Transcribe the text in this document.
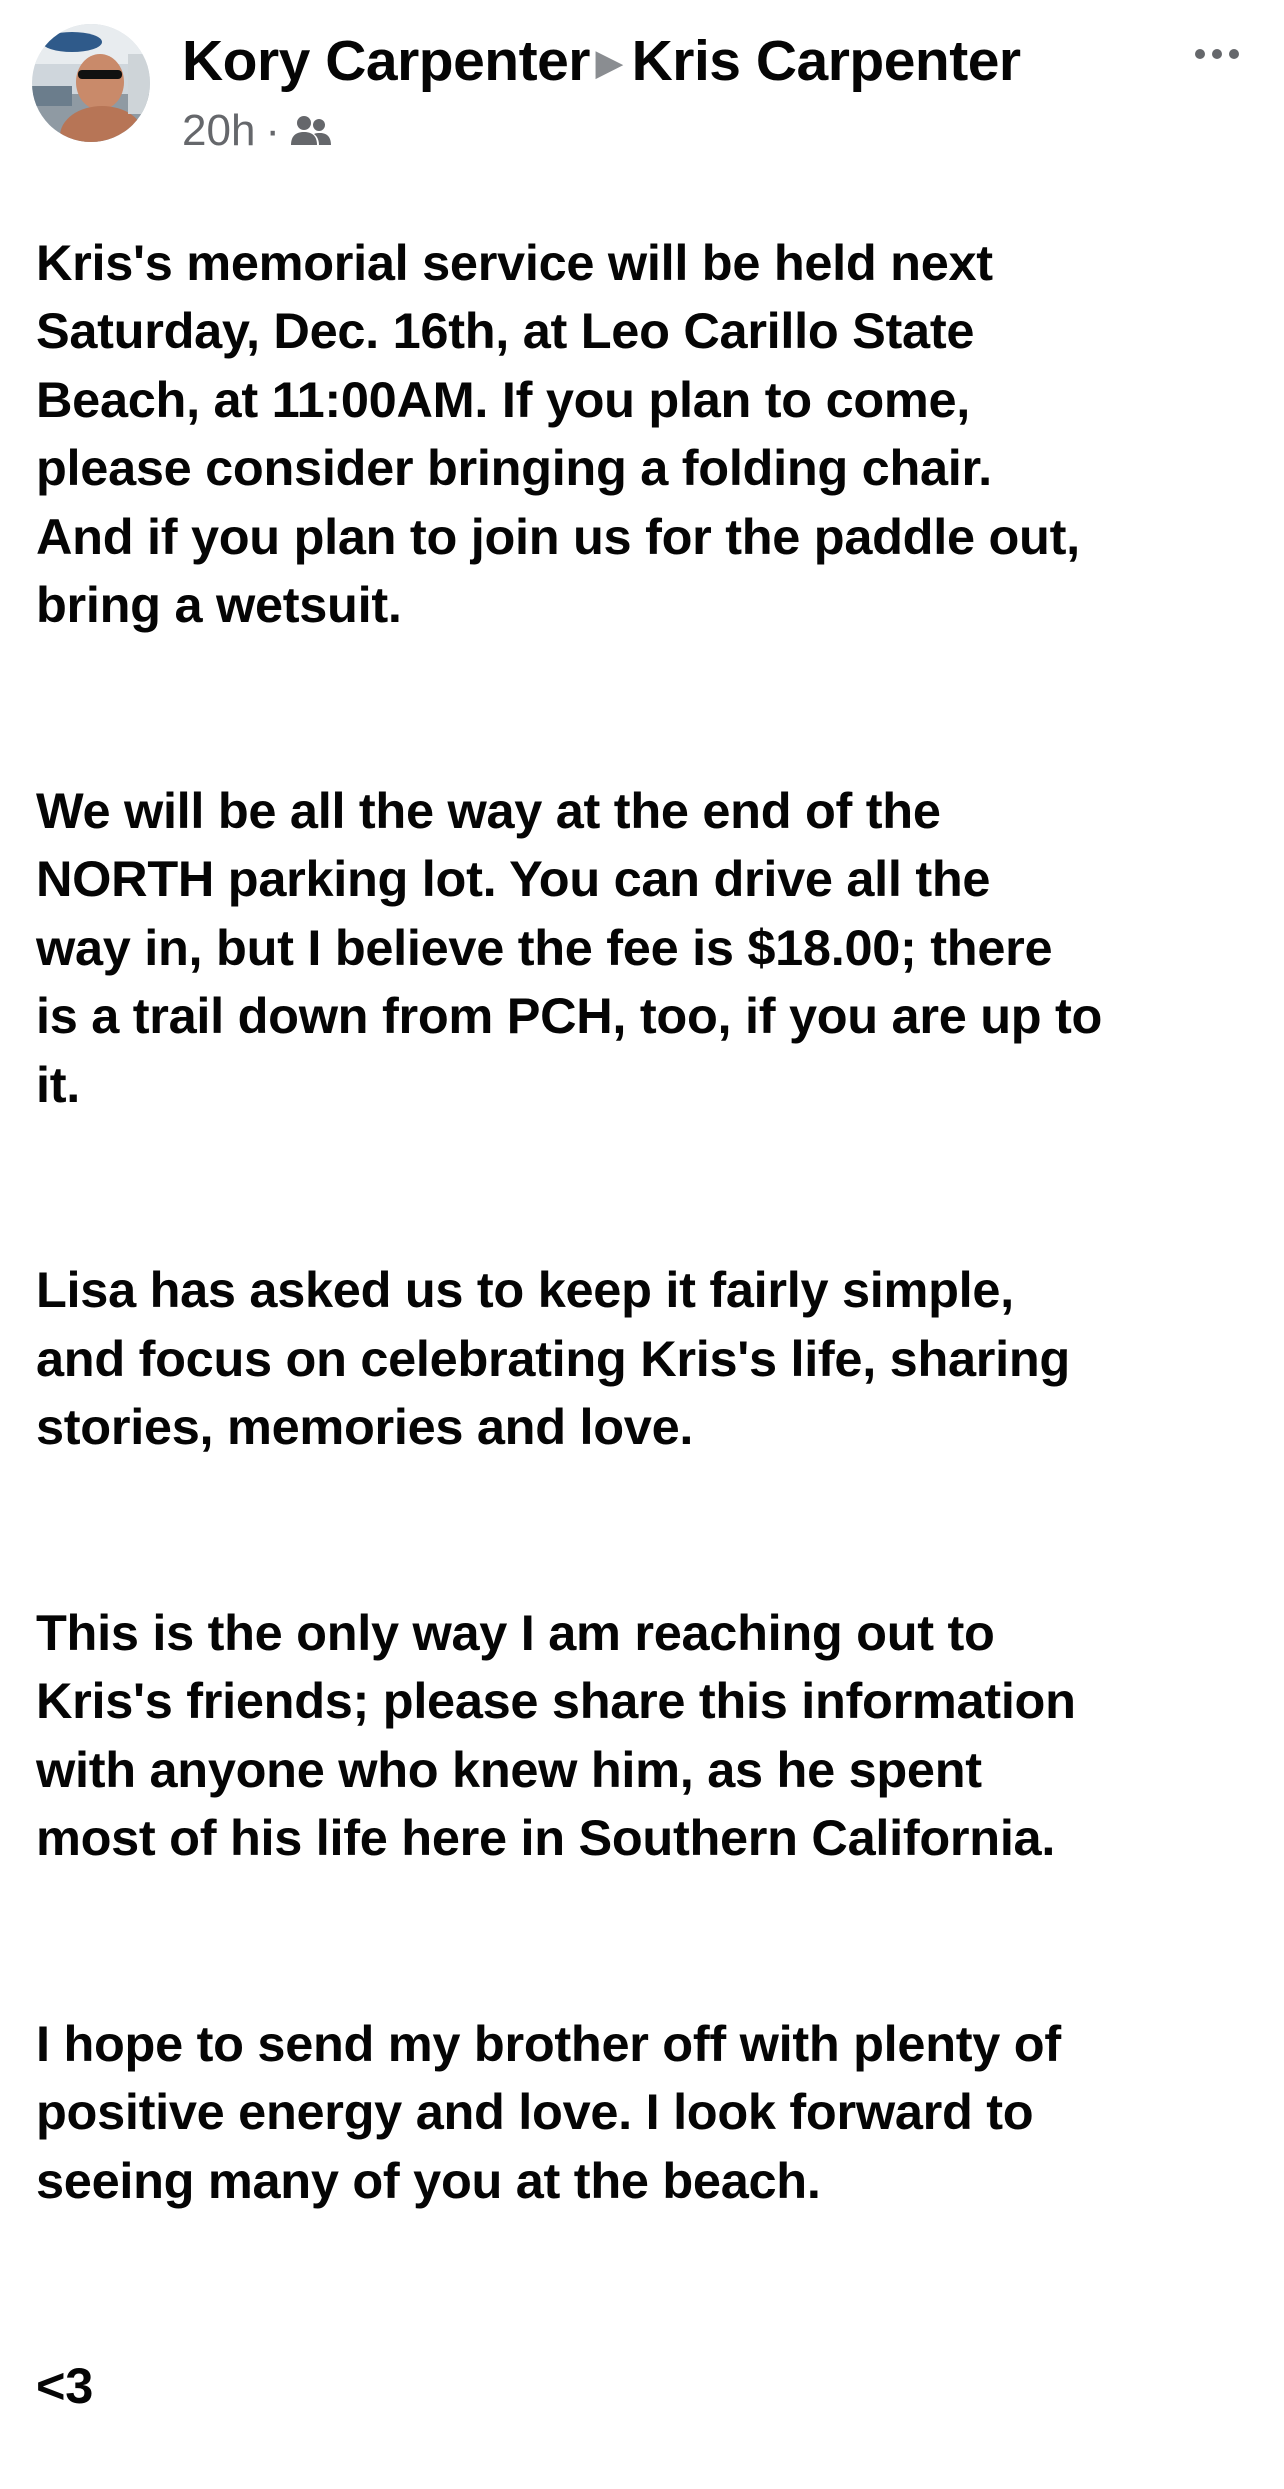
Kory Carpenter ▶ Kris Carpenter
20h ·

Kris's memorial service will be held next
Saturday, Dec. 16th, at Leo Carillo State
Beach, at 11:00AM. If you plan to come,
please consider bringing a folding chair.
And if you plan to join us for the paddle out,
bring a wetsuit.

We will be all the way at the end of the
NORTH parking lot. You can drive all the
way in, but I believe the fee is $18.00; there
is a trail down from PCH, too, if you are up to
it.

Lisa has asked us to keep it fairly simple,
and focus on celebrating Kris's life, sharing
stories, memories and love.

This is the only way I am reaching out to
Kris's friends; please share this information
with anyone who knew him, as he spent
most of his life here in Southern California.

I hope to send my brother off with plenty of
positive energy and love. I look forward to
seeing many of you at the beach.

<3
